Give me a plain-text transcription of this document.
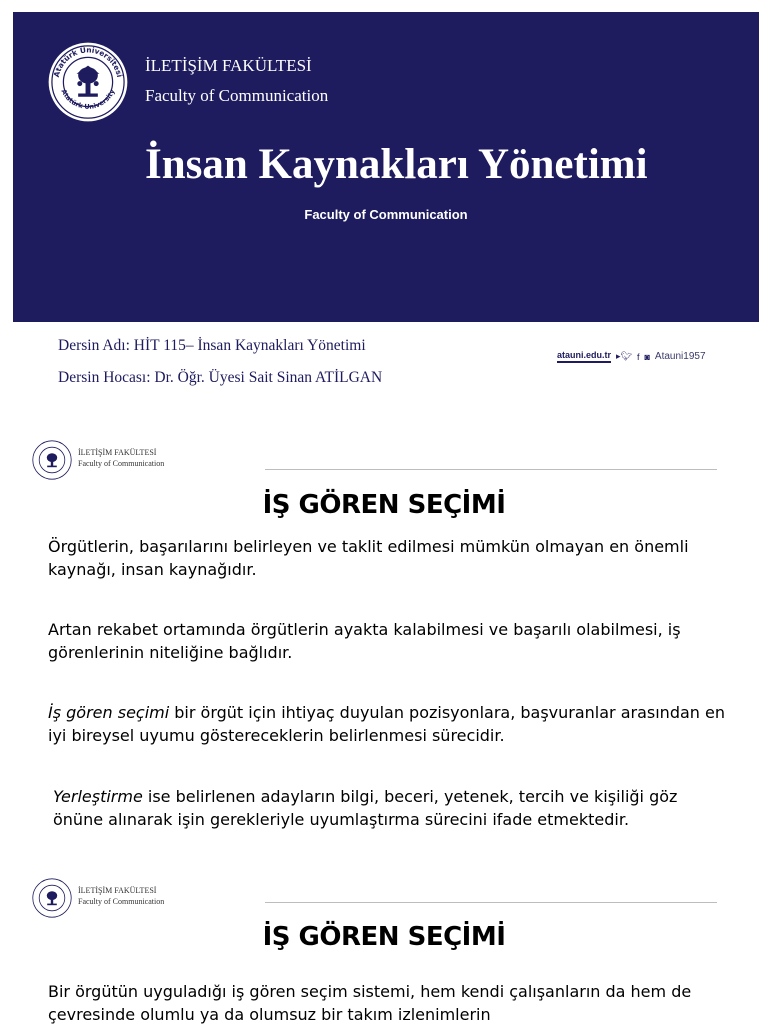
Atatürk Üniversitesi
Atatürk University
İLETİŞİM FAKÜLTESİ
Faculty of Communication
İnsan Kaynakları Yönetimi
Faculty of Communication
Dersin Adı: HİT 115– İnsan Kaynakları Yönetimi
Dersin Hocası: Dr. Öğr. Üyesi Sait Sinan ATİLGAN
atauni.edu.tr ▸🐦︎ f ◙ Atauni1957
İLETİŞİM FAKÜLTESİ
Faculty of Communication
İŞ GÖREN SEÇİMİ

Örgütlerin, başarılarını belirleyen ve taklit edilmesi mümkün olmayan en önemli kaynağı, insan kaynağıdır.

Artan rekabet ortamında örgütlerin ayakta kalabilmesi ve başarılı olabilmesi, iş görenlerinin niteliğine bağlıdır.

İş gören seçimi bir örgüt için ihtiyaç duyulan pozisyonlara, başvuranlar arasından en iyi bireysel uyumu göstereceklerin belirlenmesi sürecidir.

Yerleştirme ise belirlenen adayların bilgi, beceri, yetenek, tercih ve kişiliği göz önüne alınarak işin gerekleriyle uyumlaştırma sürecini ifade etmektedir.

İLETİŞİM FAKÜLTESİ
Faculty of Communication
İŞ GÖREN SEÇİMİ

Bir örgütün uyguladığı iş gören seçim sistemi, hem kendi çalışanların da hem de çevresinde olumlu ya da olumsuz bir takım izlenimlerin
